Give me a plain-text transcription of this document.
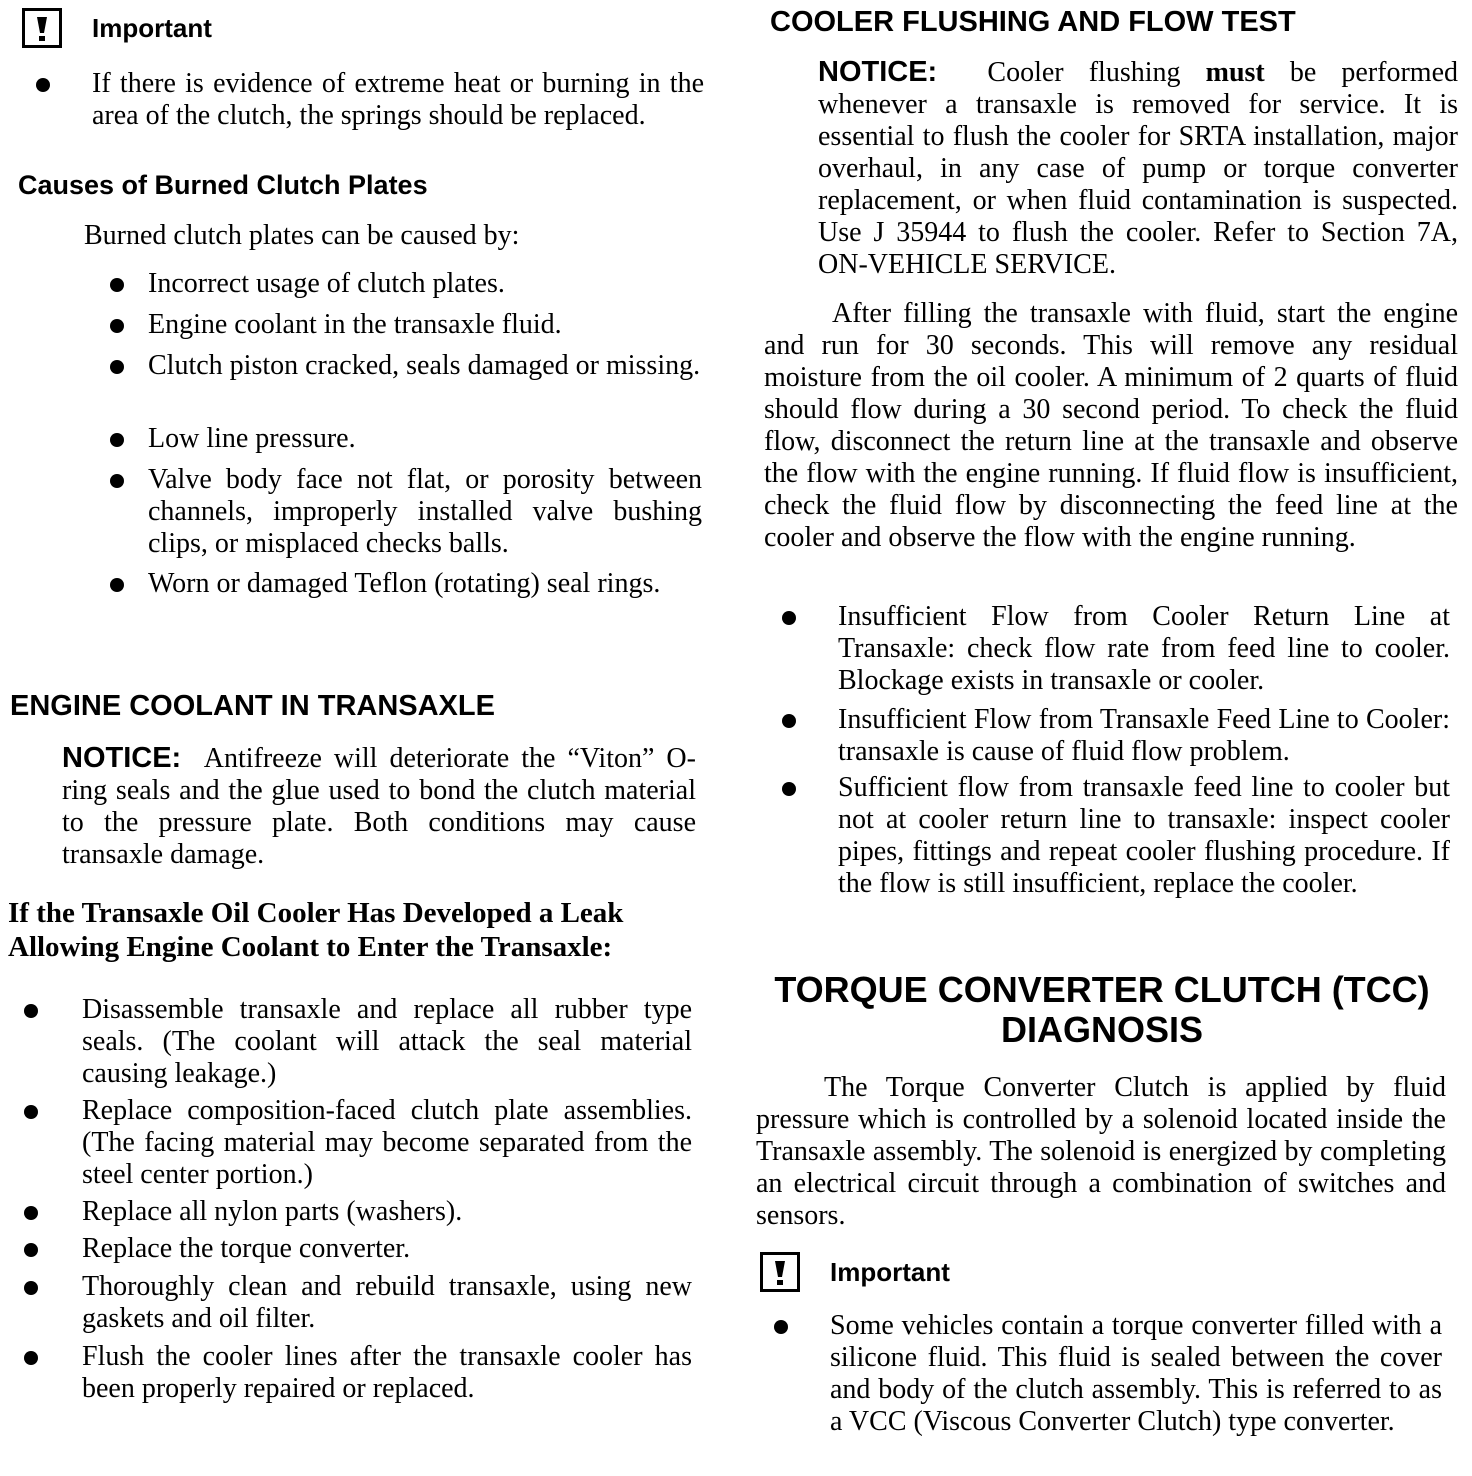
Important
If there is evidence of extreme heat or burning in the area of the clutch, the springs should be replaced.
Causes of Burned Clutch Plates
Burned clutch plates can be caused by:
Incorrect usage of clutch plates.
Engine coolant in the transaxle fluid.
Clutch piston cracked, seals damaged or missing.
Low line pressure.
Valve body face not flat, or porosity between channels, improperly installed valve bushing clips, or misplaced checks balls.
Worn or damaged Teflon (rotating) seal rings.
ENGINE COOLANT IN TRANSAXLE
NOTICE: Antifreeze will deteriorate the “Viton” O-ring seals and the glue used to bond the clutch material to the pressure plate. Both conditions may cause transaxle damage.
If the Transaxle Oil Cooler Has Developed a Leak Allowing Engine Coolant to Enter the Transaxle:
Disassemble transaxle and replace all rubber type seals. (The coolant will attack the seal material causing leakage.)
Replace composition-faced clutch plate assemblies. (The facing material may become separated from the steel center portion.)
Replace all nylon parts (washers).
Replace the torque converter.
Thoroughly clean and rebuild transaxle, using new gaskets and oil filter.
Flush the cooler lines after the transaxle cooler has been properly repaired or replaced.
COOLER FLUSHING AND FLOW TEST
NOTICE: Cooler flushing must be performed whenever a transaxle is removed for service. It is essential to flush the cooler for SRTA installation, major overhaul, in any case of pump or torque converter replacement, or when fluid contamination is suspected. Use J 35944 to flush the cooler. Refer to Section 7A, ON-VEHICLE SERVICE.
After filling the transaxle with fluid, start the engine and run for 30 seconds. This will remove any residual moisture from the oil cooler. A minimum of 2 quarts of fluid should flow during a 30 second period. To check the fluid flow, disconnect the return line at the transaxle and observe the flow with the engine running. If fluid flow is insufficient, check the fluid flow by disconnecting the feed line at the cooler and observe the flow with the engine running.
Insufficient Flow from Cooler Return Line at Transaxle: check flow rate from feed line to cooler. Blockage exists in transaxle or cooler.
Insufficient Flow from Transaxle Feed Line to Cooler: transaxle is cause of fluid flow problem.
Sufficient flow from transaxle feed line to cooler but not at cooler return line to transaxle: inspect cooler pipes, fittings and repeat cooler flushing procedure. If the flow is still insufficient, replace the cooler.
TORQUE CONVERTER CLUTCH (TCC)
DIAGNOSIS
The Torque Converter Clutch is applied by fluid pressure which is controlled by a solenoid located inside the Transaxle assembly. The solenoid is energized by completing an electrical circuit through a combination of switches and sensors.
Important
Some vehicles contain a torque converter filled with a silicone fluid. This fluid is sealed between the cover and body of the clutch assembly. This is referred to as a VCC (Viscous Converter Clutch) type converter.
